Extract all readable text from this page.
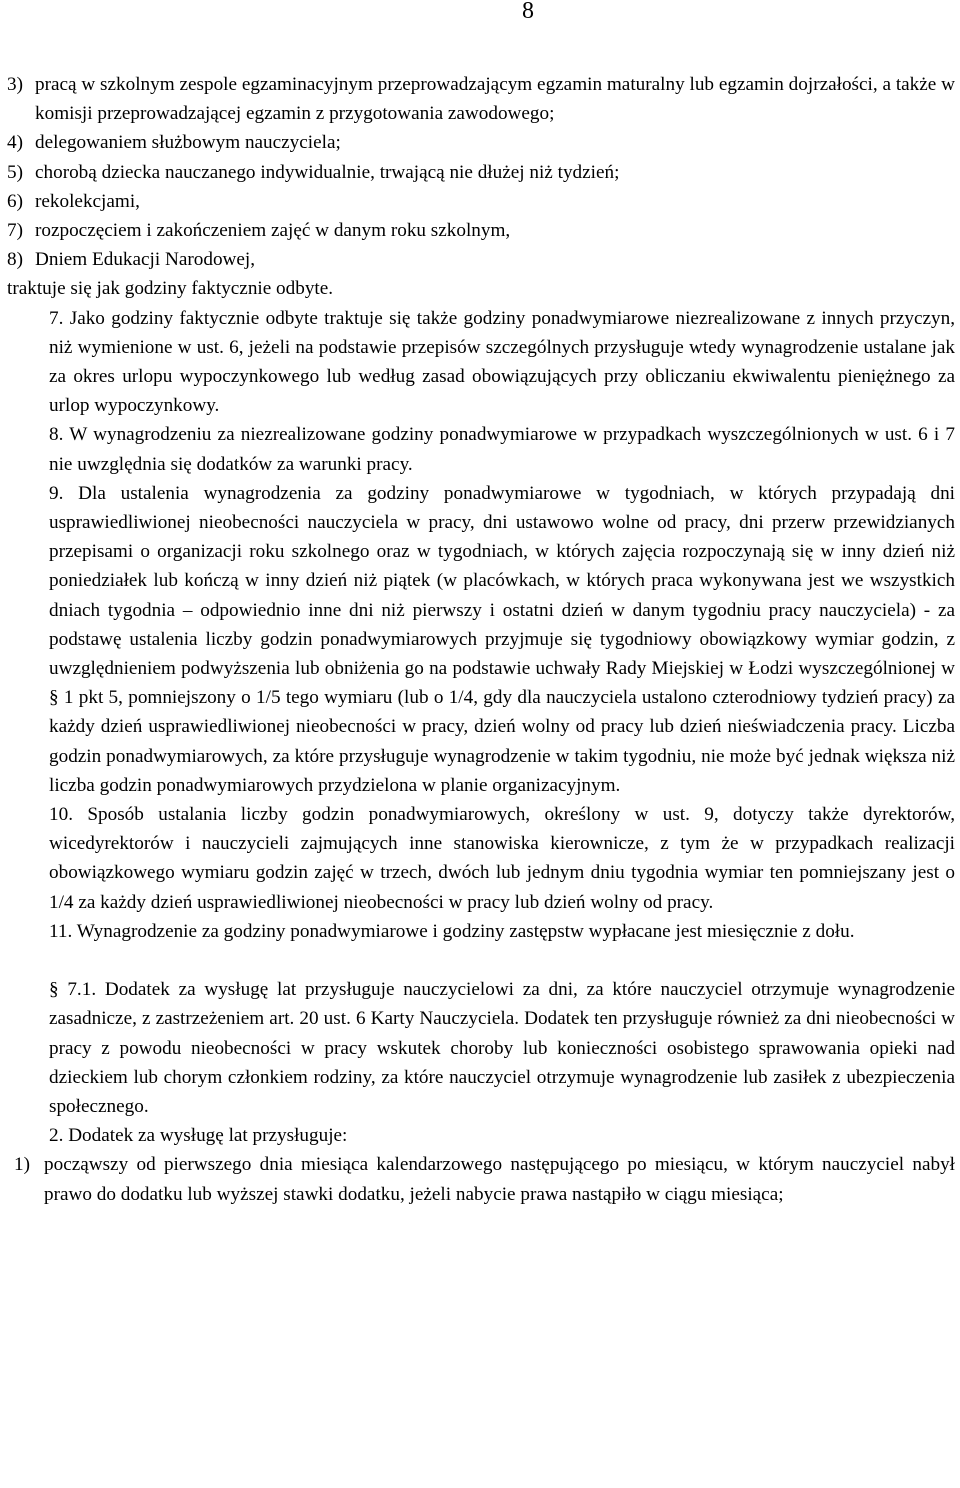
8
3) pracą w szkolnym zespole egzaminacyjnym przeprowadzającym egzamin maturalny lub egzamin dojrzałości, a także w komisji przeprowadzającej egzamin z przygotowania zawodowego;
4) delegowaniem służbowym nauczyciela;
5) chorobą dziecka nauczanego indywidualnie, trwającą nie dłużej niż tydzień;
6) rekolekcjami,
7) rozpoczęciem i zakończeniem zajęć w danym roku szkolnym,
8) Dniem Edukacji Narodowej,
traktuje się jak godziny faktycznie odbyte.
7. Jako godziny faktycznie odbyte traktuje się także godziny ponadwymiarowe niezrealizowane z innych przyczyn, niż wymienione w ust. 6, jeżeli na podstawie przepisów szczególnych przysługuje wtedy wynagrodzenie ustalane jak za okres urlopu wypoczynkowego lub według zasad obowiązujących przy obliczaniu ekwiwalentu pieniężnego za urlop wypoczynkowy.
8. W wynagrodzeniu za niezrealizowane godziny ponadwymiarowe w przypadkach wyszczególnionych w ust. 6 i 7 nie uwzględnia się dodatków za warunki pracy.
9. Dla ustalenia wynagrodzenia za godziny ponadwymiarowe w tygodniach, w których przypadają dni usprawiedliwionej nieobecności nauczyciela w pracy, dni ustawowo wolne od pracy, dni przerw przewidzianych przepisami o organizacji roku szkolnego oraz w tygodniach, w których zajęcia rozpoczynają się w inny dzień niż poniedziałek lub kończą w inny dzień niż piątek (w placówkach, w których praca wykonywana jest we wszystkich dniach tygodnia – odpowiednio inne dni niż pierwszy i ostatni dzień w danym tygodniu pracy nauczyciela) - za podstawę ustalenia liczby godzin ponadwymiarowych przyjmuje się tygodniowy obowiązkowy wymiar godzin, z uwzględnieniem podwyższenia lub obniżenia go na podstawie uchwały Rady Miejskiej w Łodzi wyszczególnionej w § 1 pkt 5, pomniejszony o 1/5 tego wymiaru (lub o 1/4, gdy dla nauczyciela ustalono czterodniowy tydzień pracy) za każdy dzień usprawiedliwionej nieobecności w pracy, dzień wolny od pracy lub dzień nieświadczenia pracy. Liczba godzin ponadwymiarowych, za które przysługuje wynagrodzenie w takim tygodniu, nie może być jednak większa niż liczba godzin ponadwymiarowych przydzielona w planie organizacyjnym.
10. Sposób ustalania liczby godzin ponadwymiarowych, określony w ust. 9, dotyczy także dyrektorów, wicedyrektorów i nauczycieli zajmujących inne stanowiska kierownicze, z tym że w przypadkach realizacji obowiązkowego wymiaru godzin zajęć w trzech, dwóch lub jednym dniu tygodnia wymiar ten pomniejszany jest o 1/4 za każdy dzień usprawiedliwionej nieobecności w pracy lub dzień wolny od pracy.
11. Wynagrodzenie za godziny ponadwymiarowe i godziny zastępstw wypłacane jest miesięcznie z dołu.
§ 7.1. Dodatek za wysługę lat przysługuje nauczycielowi za dni, za które nauczyciel otrzymuje wynagrodzenie zasadnicze, z zastrzeżeniem art. 20 ust. 6 Karty Nauczyciela. Dodatek ten przysługuje również za dni nieobecności w pracy z powodu nieobecności w pracy wskutek choroby lub konieczności osobistego sprawowania opieki nad dzieckiem lub chorym członkiem rodziny, za które nauczyciel otrzymuje wynagrodzenie lub zasiłek z ubezpieczenia społecznego.
2. Dodatek za wysługę lat przysługuje:
1) począwszy od pierwszego dnia miesiąca kalendarzowego następującego po miesiącu, w którym nauczyciel nabył prawo do dodatku lub wyższej stawki dodatku, jeżeli nabycie prawa nastąpiło w ciągu miesiąca;
